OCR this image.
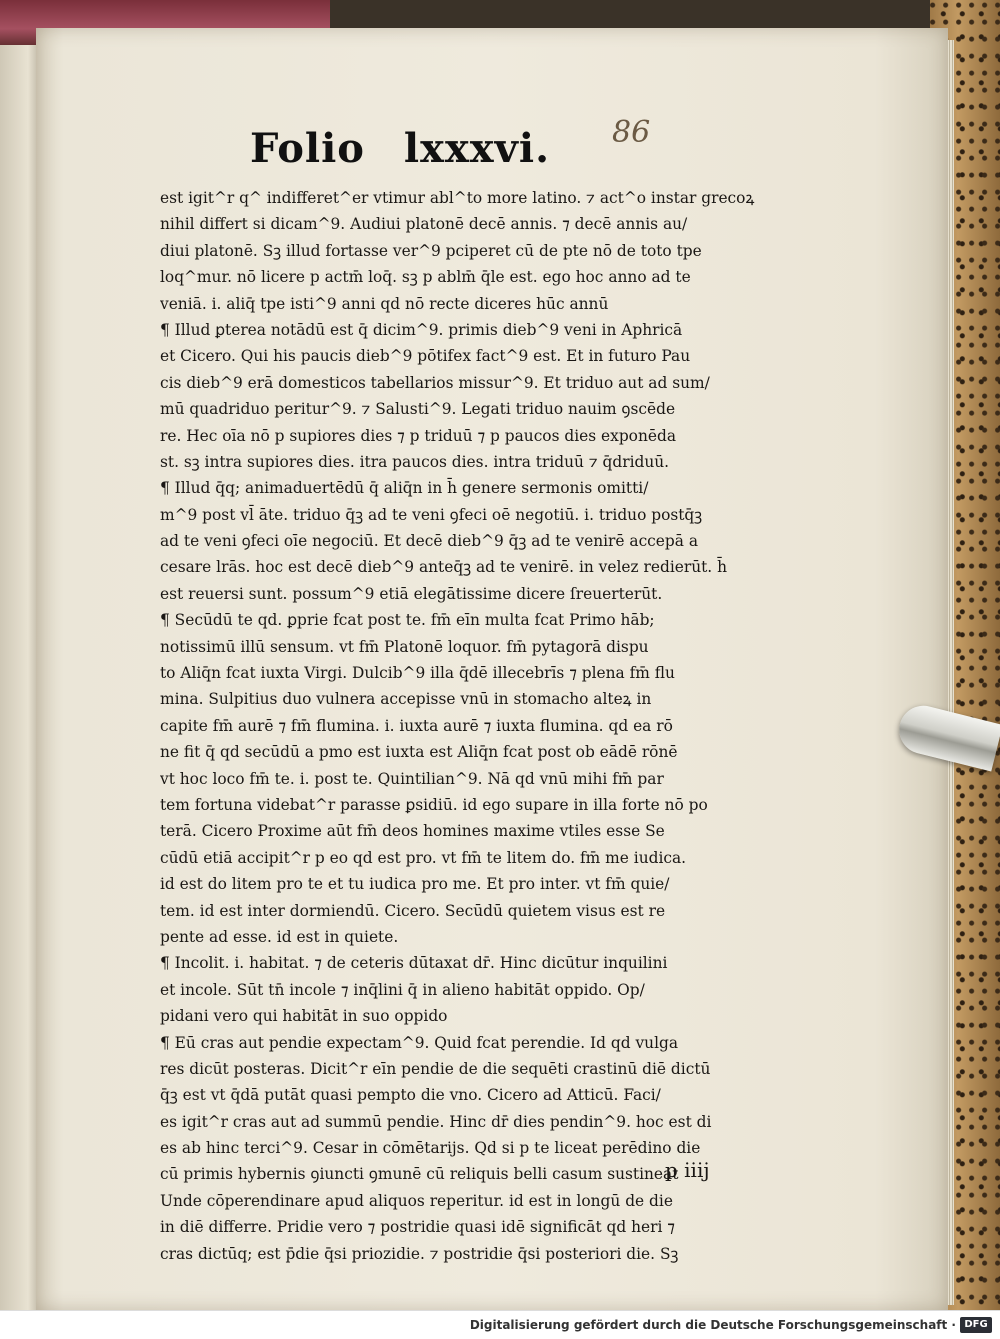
Folio lxxxvi.	86
est igit^r q^ indifferet^er vtimur abl^to more latino. ⁊ act^o instar grecoꝝ
nihil differt si dicam^9. Audiui platonē decē annis. ⁊ decē annis au/
diui platonē. Sꝫ illud fortasse ver^9 pciperet cū de pte nō de toto tpe
loq^mur. nō licere p actm̄ loq̄. sꝫ p ablm̄ q̄le est. ego hoc anno ad te
veniā. i. aliq̄ tpe isti^9 anni qd nō recte diceres hūc annū
¶ Illud ꝑterea notādū est q̄ dicim^9. primis dieb^9 veni in Aphricā
et Cicero. Qui his paucis dieb^9 pōtifex fact^9 est. Et in futuro Pau
cis dieb^9 erā domesticos tabellarios missur^9. Et triduo aut ad sum/
mū quadriduo peritur^9. ⁊ Salusti^9. Legati triduo nauim ꝯscēde
re. Hec oīa nō p supiores dies ⁊ p triduū ⁊ p paucos dies exponēda
st. sꝫ intra supiores dies. itra paucos dies. intra triduū ⁊ q̄driduū.
¶ Illud q̄q; animaduertēdū q̄ aliq̄n in h̄ genere sermonis omitti/
m^9 post vl̄ āte. triduo q̄ꝫ ad te veni ꝯfeci oē negotiū. i. triduo postq̄ꝫ
ad te veni ꝯfeci oīe negociū. Et decē dieb^9 q̄ꝫ ad te venirē accepā a
cesare lrās. hoc est decē dieb^9 anteq̄ꝫ ad te venirē. in velez redierūt. h̄
est reuersi sunt. possum^9 etiā elegātissime dicere ſreuerterūt.
¶ Secūdū te qd. ꝑprie fcat post te. fm̄ eīn multa fcat Primo hāb;
notissimū illū sensum. vt fm̄ Platonē loquor. fm̄ pytagorā dispu
to Aliq̄n fcat iuxta Virgi. Dulcib^9 illa q̄dē illecebrīs ⁊ plena fm̄ flu
mina. Sulpitius duo vulnera accepisse vnū in stomacho alteꝝ in
capite fm̄ aurē ⁊ fm̄ flumina. i. iuxta aurē ⁊ iuxta flumina. qd ea rō
ne fit q̄ qd secūdū a pmo est iuxta est Aliq̄n fcat post ob eādē rōnē
vt hoc loco fm̄ te. i. post te. Quintilian^9. Nā qd vnū mihi fm̄ par
tem fortuna videbat^r parasse ꝑsidiū. id ego supare in illa forte nō po
terā. Cicero Proxime aūt fm̄ deos homines maxime vtiles esse Se
cūdū etiā accipit^r p eo qd est pro. vt fm̄ te litem do. fm̄ me iudica.
id est do litem pro te et tu iudica pro me. Et pro inter. vt fm̄ quie/
tem. id est inter dormiendū. Cicero. Secūdū quietem visus est re
pente ad esse. id est in quiete.
¶ Incolit. i. habitat. ⁊ de ceteris dūtaxat dr̄. Hinc dicūtur inquilini
et incole. Sūt tn̄ incole ⁊ inq̄lini q̄ in alieno habitāt oppido. Op/
pidani vero qui habitāt in suo oppido
¶ Eū cras aut pendie expectam^9. Quid fcat perendie. Id qd vulga
res dicūt posteras. Dicit^r eīn pendie de die sequēti crastinū diē dictū
q̄ꝫ est vt q̄dā putāt quasi pempto die vno. Cicero ad Atticū. Faci/
es igit^r cras aut ad summū pendie. Hinc dr̄ dies pendin^9. hoc est di
es ab hinc terci^9. Cesar in cōmētarijs. Qd si p te liceat perēdino die
cū primis hybernis ꝯiuncti ꝯmunē cū reliquis belli casum sustineat
Unde cōperendinare apud aliquos reperitur. id est in longū de die
in diē differre. Pridie vero ⁊ postridie quasi idē significāt qd heri ⁊
cras dictūq; est p̄die q̄si priozidie. ⁊ postridie q̄si posteriori die. Sꝫ
p iiij
Digitalisierung gefördert durch die Deutsche Forschungsgemeinschaft · DFG
